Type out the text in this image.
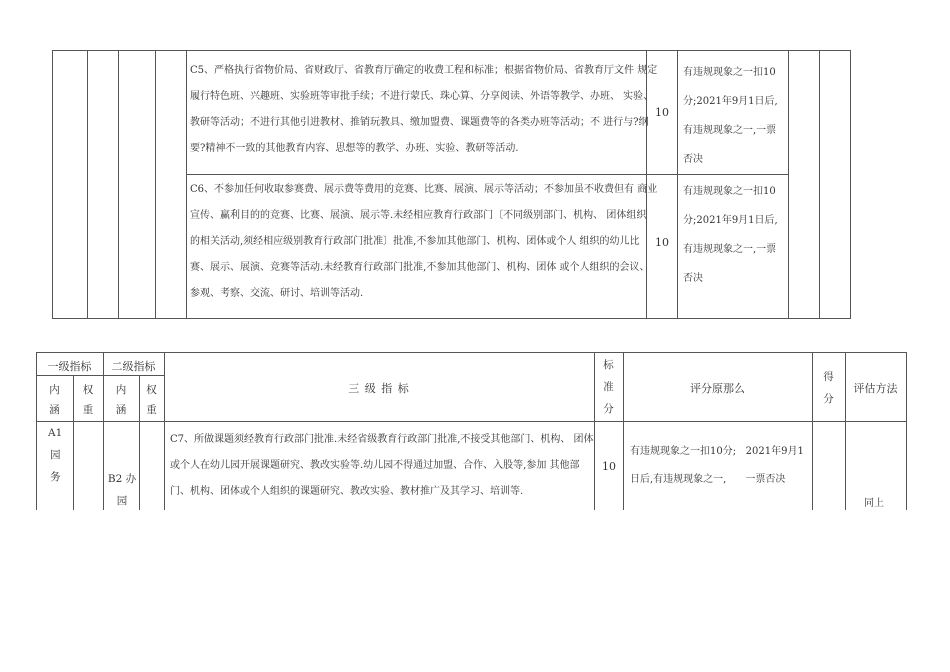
C5、严格执行省物价局、省财政厅、省教育厅确定的收费工程和标准；根据省物价局、省教育厅文件 规定
履行特色班、兴趣班、实验班等审批手续；不进行蒙氏、珠心算、分享阅读、外语等教学、办班、 实验、
教研等活动；不进行其他引进教材、推销玩教具、缴加盟费、课题费等的各类办班等活动；不 进行与?纲
要?精神不一致的其他教育内容、思想等的教学、办班、实验、教研等活动.
10
有违规现象之一扣10
分;2021年9月1日后,
有违规现象之一,一票
否决
C6、不参加任何收取参赛费、展示费等费用的竞赛、比赛、展演、展示等活动；不参加虽不收费但有 商业
宣传、赢利目的的竞赛、比赛、展演、展示等.未经相应教育行政部门〔不同级别部门、机构、 团体组织
的相关活动,须经相应级别教育行政部门批准〕批准,不参加其他部门、机构、团体或个人 组织的幼儿比
赛、展示、展演、竞赛等活动.未经教育行政部门批准,不参加其他部门、机构、团体 或个人组织的会议、
参观、考察、交流、研讨、培训等活动.
10
有违规现象之一扣10
分;2021年9月1日后,
有违规现象之一,一票
否决
一级指标	二级指标
内
涵
权
重
内
涵
权
重
三 级 指 标
标
准
分
评分原那么
得
分
评估方法
A1
园
务	B2 办
园
C7、所做课题须经教育行政部门批准.未经省级教育行政部门批准,不接受其他部门、机构、 团体
或个人在幼儿园开展课题研究、教改实验等.幼儿园不得通过加盟、合作、入股等,参加 其他部
门、机构、团体或个人组织的课题研究、教改实验、教材推广及其学习、培训等.
10
有违规现象之一扣10分;   2021年9月1
日后,有违规现象之一,      一票否决
同上
